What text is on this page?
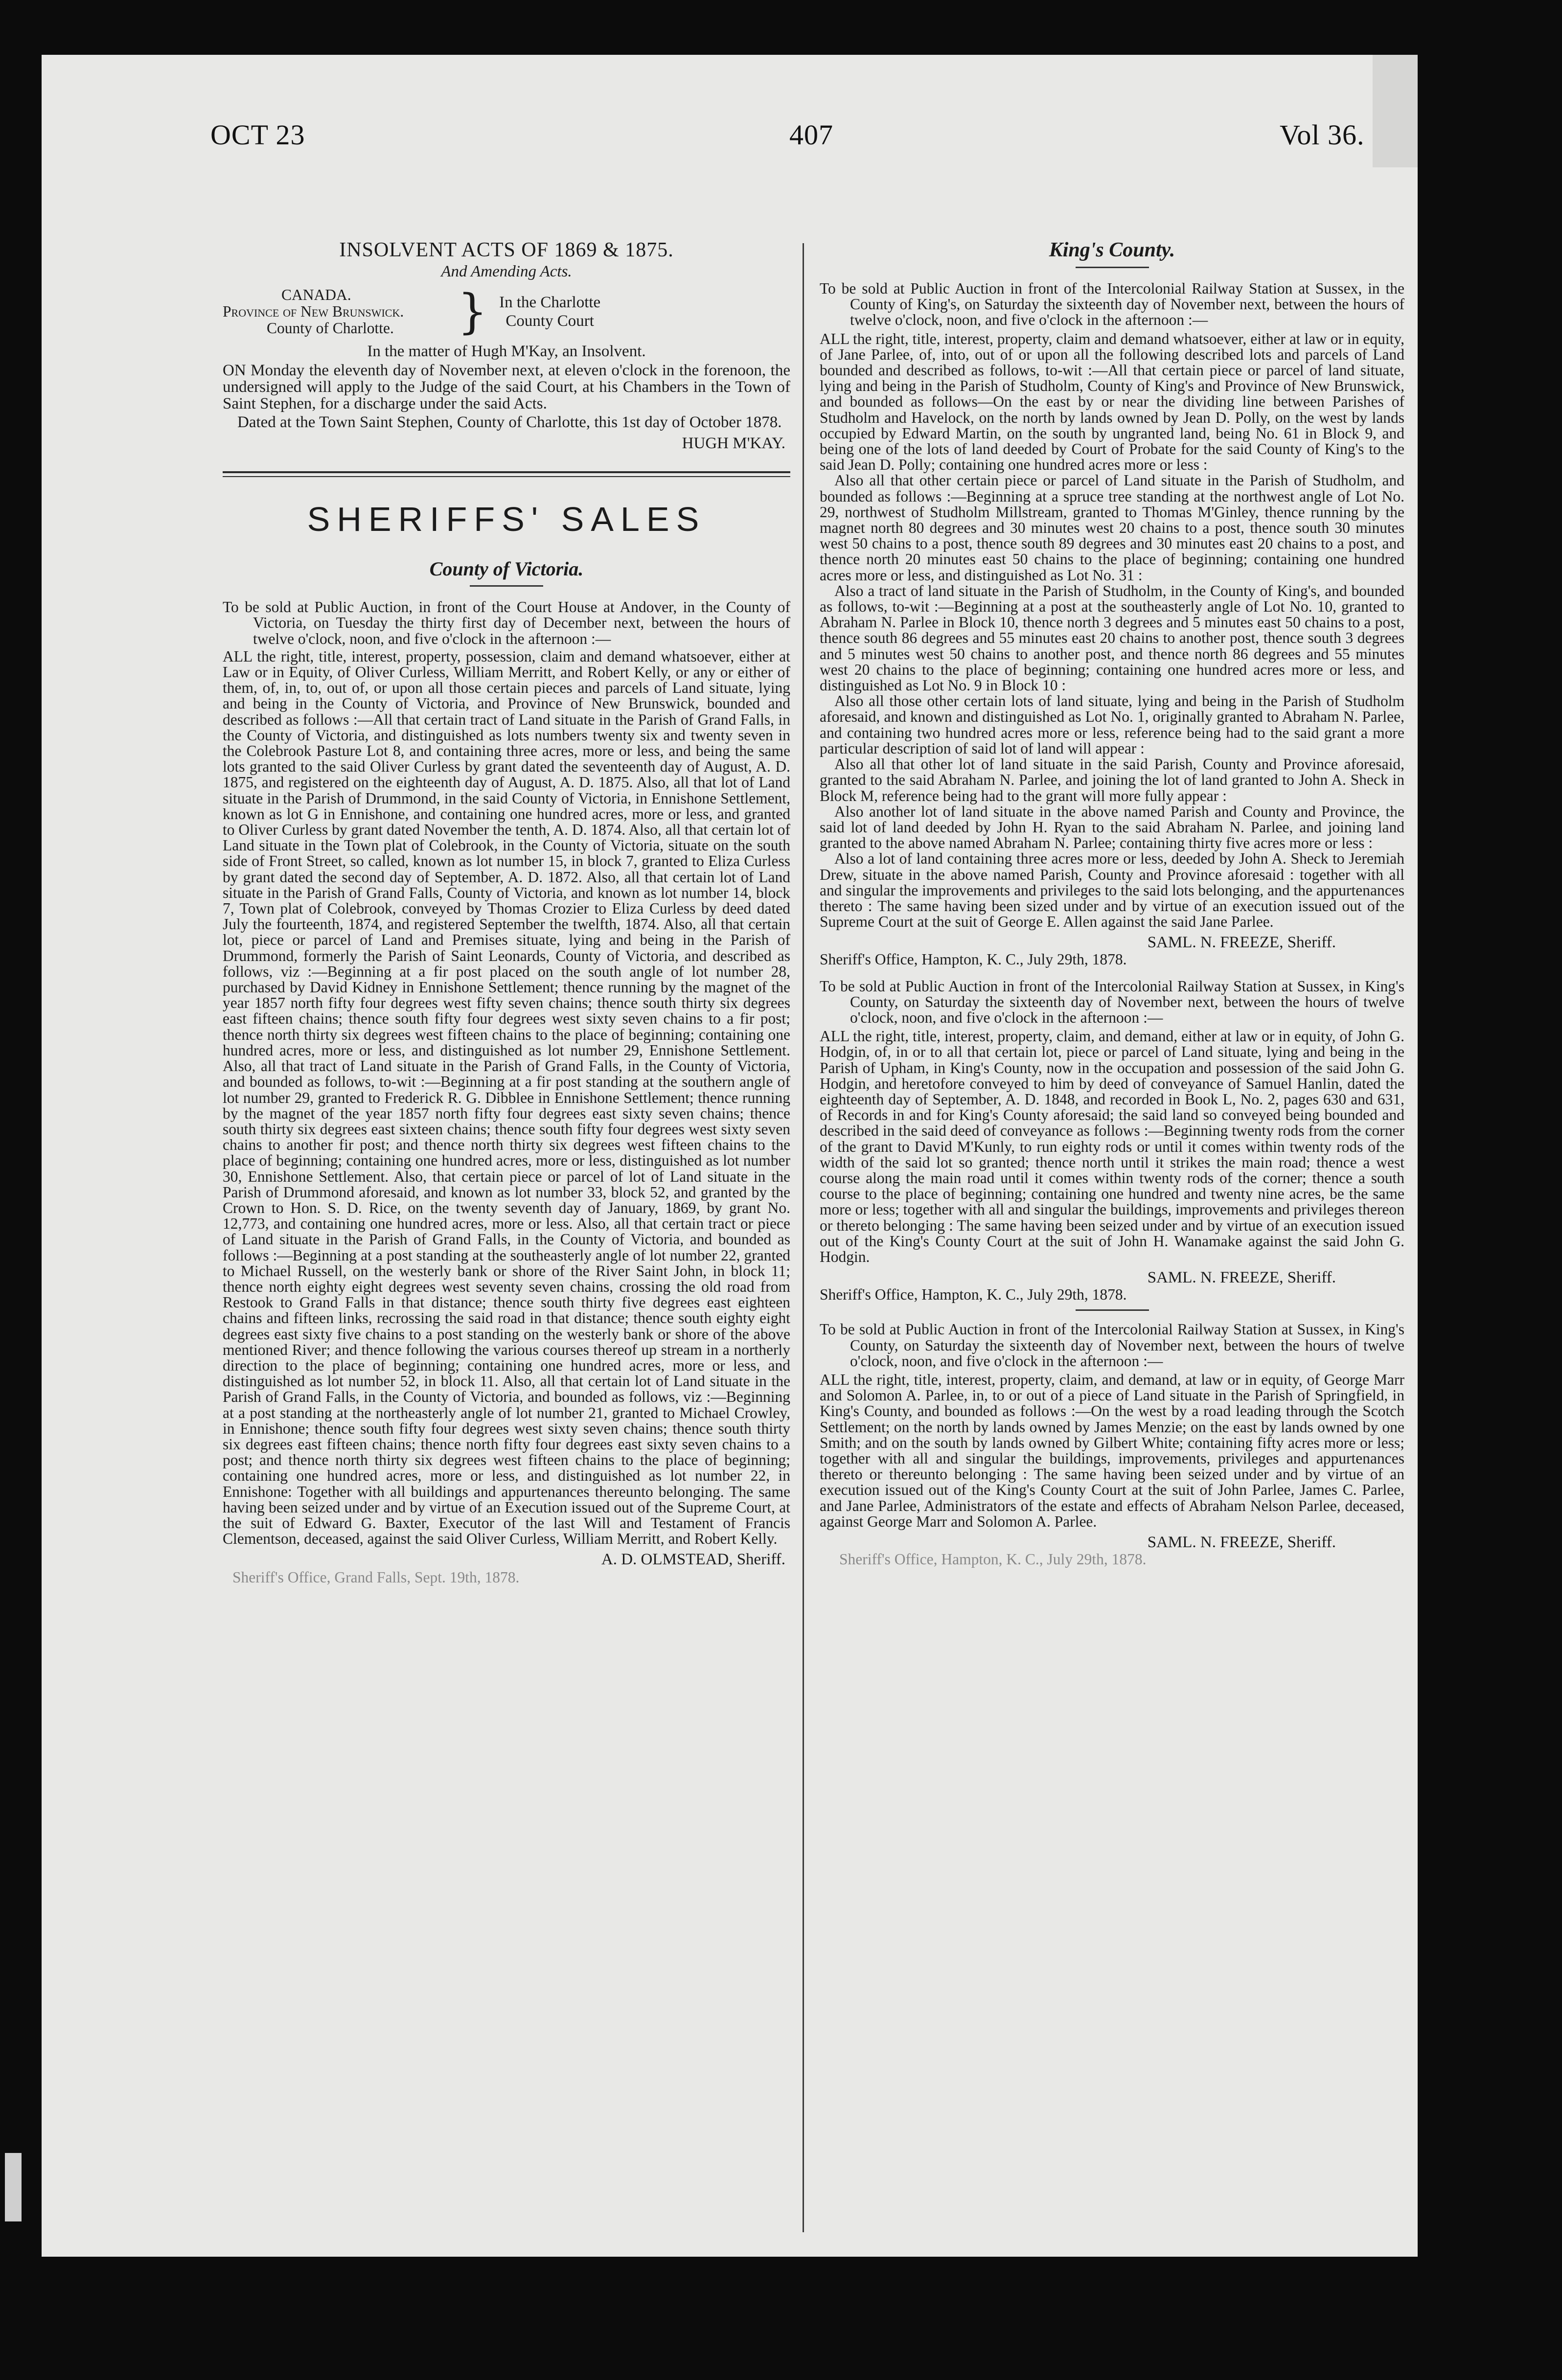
OCT 23	407	Vol 36.

INSOLVENT ACTS OF 1869 & 1875.

And Amending Acts.

CANADA.
Province of New Brunswick.
County of Charlotte.	} In the Charlotte
County Court

In the matter of Hugh M'Kay, an Insolvent.

ON Monday the eleventh day of November next, at eleven o'clock in the forenoon, the undersigned will apply to the Judge of the said Court, at his Chambers in the Town of Saint Stephen, for a discharge under the said Acts.

Dated at the Town Saint Stephen, County of Charlotte, this 1st day of October 1878.

HUGH M'KAY.

SHERIFFS' SALES

County of Victoria.

To be sold at Public Auction, in front of the Court House at Andover, in the County of Victoria, on Tuesday the thirty first day of December next, between the hours of twelve o'clock, noon, and five o'clock in the afternoon :—

ALL the right, title, interest, property, possession, claim and demand whatsoever, either at Law or in Equity, of Oliver Curless, William Merritt, and Robert Kelly, or any or either of them, of, in, to, out of, or upon all those certain pieces and parcels of Land situate, lying and being in the County of Victoria, and Province of New Brunswick, bounded and described as follows :—All that certain tract of Land situate in the Parish of Grand Falls, in the County of Victoria, and distinguished as lots numbers twenty six and twenty seven in the Colebrook Pasture Lot 8, and containing three acres, more or less, and being the same lots granted to the said Oliver Curless by grant dated the seventeenth day of August, A. D. 1875, and registered on the eighteenth day of August, A. D. 1875. Also, all that lot of Land situate in the Parish of Drummond, in the said County of Victoria, in Ennishone Settlement, known as lot G in Ennishone, and containing one hundred acres, more or less, and granted to Oliver Curless by grant dated November the tenth, A. D. 1874. Also, all that certain lot of Land situate in the Town plat of Colebrook, in the County of Victoria, situate on the south side of Front Street, so called, known as lot number 15, in block 7, granted to Eliza Curless by grant dated the second day of September, A. D. 1872. Also, all that certain lot of Land situate in the Parish of Grand Falls, County of Victoria, and known as lot number 14, block 7, Town plat of Colebrook, conveyed by Thomas Crozier to Eliza Curless by deed dated July the fourteenth, 1874, and registered September the twelfth, 1874. Also, all that certain lot, piece or parcel of Land and Premises situate, lying and being in the Parish of Drummond, formerly the Parish of Saint Leonards, County of Victoria, and described as follows, viz :—Beginning at a fir post placed on the south angle of lot number 28, purchased by David Kidney in Ennishone Settlement; thence running by the magnet of the year 1857 north fifty four degrees west fifty seven chains; thence south thirty six degrees east fifteen chains; thence south fifty four degrees west sixty seven chains to a fir post; thence north thirty six degrees west fifteen chains to the place of beginning; containing one hundred acres, more or less, and distinguished as lot number 29, Ennishone Settlement. Also, all that tract of Land situate in the Parish of Grand Falls, in the County of Victoria, and bounded as follows, to-wit :—Beginning at a fir post standing at the southern angle of lot number 29, granted to Frederick R. G. Dibblee in Ennishone Settlement; thence running by the magnet of the year 1857 north fifty four degrees east sixty seven chains; thence south thirty six degrees east sixteen chains; thence south fifty four degrees west sixty seven chains to another fir post; and thence north thirty six degrees west fifteen chains to the place of beginning; containing one hundred acres, more or less, distinguished as lot number 30, Ennishone Settlement. Also, that certain piece or parcel of lot of Land situate in the Parish of Drummond aforesaid, and known as lot number 33, block 52, and granted by the Crown to Hon. S. D. Rice, on the twenty seventh day of January, 1869, by grant No. 12,773, and containing one hundred acres, more or less. Also, all that certain tract or piece of Land situate in the Parish of Grand Falls, in the County of Victoria, and bounded as follows :—Beginning at a post standing at the southeasterly angle of lot number 22, granted to Michael Russell, on the westerly bank or shore of the River Saint John, in block 11; thence north eighty eight degrees west seventy seven chains, crossing the old road from Restook to Grand Falls in that distance; thence south thirty five degrees east eighteen chains and fifteen links, recrossing the said road in that distance; thence south eighty eight degrees east sixty five chains to a post standing on the westerly bank or shore of the above mentioned River; and thence following the various courses thereof up stream in a northerly direction to the place of beginning; containing one hundred acres, more or less, and distinguished as lot number 52, in block 11. Also, all that certain lot of Land situate in the Parish of Grand Falls, in the County of Victoria, and bounded as follows, viz :—Beginning at a post standing at the northeasterly angle of lot number 21, granted to Michael Crowley, in Ennishone; thence south fifty four degrees west sixty seven chains; thence south thirty six degrees east fifteen chains; thence north fifty four degrees east sixty seven chains to a post; and thence north thirty six degrees west fifteen chains to the place of beginning; containing one hundred acres, more or less, and distinguished as lot number 22, in Ennishone: Together with all buildings and appurtenances thereunto belonging. The same having been seized under and by virtue of an Execution issued out of the Supreme Court, at the suit of Edward G. Baxter, Executor of the last Will and Testament of Francis Clementson, deceased, against the said Oliver Curless, William Merritt, and Robert Kelly.

A. D. OLMSTEAD, Sheriff.

Sheriff's Office, Grand Falls, Sept. 19th, 1878.

King's County.

To be sold at Public Auction in front of the Intercolonial Railway Station at Sussex, in the County of King's, on Saturday the sixteenth day of November next, between the hours of twelve o'clock, noon, and five o'clock in the afternoon :—

ALL the right, title, interest, property, claim and demand whatsoever, either at law or in equity, of Jane Parlee, of, into, out of or upon all the following described lots and parcels of Land bounded and described as follows, to-wit :—All that certain piece or parcel of land situate, lying and being in the Parish of Studholm, County of King's and Province of New Brunswick, and bounded as follows—On the east by or near the dividing line between Parishes of Studholm and Havelock, on the north by lands owned by Jean D. Polly, on the west by lands occupied by Edward Martin, on the south by ungranted land, being No. 61 in Block 9, and being one of the lots of land deeded by Court of Probate for the said County of King's to the said Jean D. Polly; containing one hundred acres more or less :

Also all that other certain piece or parcel of Land situate in the Parish of Studholm, and bounded as follows :—Beginning at a spruce tree standing at the northwest angle of Lot No. 29, northwest of Studholm Millstream, granted to Thomas M'Ginley, thence running by the magnet north 80 degrees and 30 minutes west 20 chains to a post, thence south 30 minutes west 50 chains to a post, thence south 89 degrees and 30 minutes east 20 chains to a post, and thence north 20 minutes east 50 chains to the place of beginning; containing one hundred acres more or less, and distinguished as Lot No. 31 :

Also a tract of land situate in the Parish of Studholm, in the County of King's, and bounded as follows, to-wit :—Beginning at a post at the southeasterly angle of Lot No. 10, granted to Abraham N. Parlee in Block 10, thence north 3 degrees and 5 minutes east 50 chains to a post, thence south 86 degrees and 55 minutes east 20 chains to another post, thence south 3 degrees and 5 minutes west 50 chains to another post, and thence north 86 degrees and 55 minutes west 20 chains to the place of beginning; containing one hundred acres more or less, and distinguished as Lot No. 9 in Block 10 :

Also all those other certain lots of land situate, lying and being in the Parish of Studholm aforesaid, and known and distinguished as Lot No. 1, originally granted to Abraham N. Parlee, and containing two hundred acres more or less, reference being had to the said grant a more particular description of said lot of land will appear :

Also all that other lot of land situate in the said Parish, County and Province aforesaid, granted to the said Abraham N. Parlee, and joining the lot of land granted to John A. Sheck in Block M, reference being had to the grant will more fully appear :

Also another lot of land situate in the above named Parish and County and Province, the said lot of land deeded by John H. Ryan to the said Abraham N. Parlee, and joining land granted to the above named Abraham N. Parlee; containing thirty five acres more or less :

Also a lot of land containing three acres more or less, deeded by John A. Sheck to Jeremiah Drew, situate in the above named Parish, County and Province aforesaid : together with all and singular the improvements and privileges to the said lots belonging, and the appurtenances thereto : The same having been sized under and by virtue of an execution issued out of the Supreme Court at the suit of George E. Allen against the said Jane Parlee.

SAML. N. FREEZE, Sheriff.

Sheriff's Office, Hampton, K. C., July 29th, 1878.

To be sold at Public Auction in front of the Intercolonial Railway Station at Sussex, in King's County, on Saturday the sixteenth day of November next, between the hours of twelve o'clock, noon, and five o'clock in the afternoon :—

ALL the right, title, interest, property, claim, and demand, either at law or in equity, of John G. Hodgin, of, in or to all that certain lot, piece or parcel of Land situate, lying and being in the Parish of Upham, in King's County, now in the occupation and possession of the said John G. Hodgin, and heretofore conveyed to him by deed of conveyance of Samuel Hanlin, dated the eighteenth day of September, A. D. 1848, and recorded in Book L, No. 2, pages 630 and 631, of Records in and for King's County aforesaid; the said land so conveyed being bounded and described in the said deed of conveyance as follows :—Beginning twenty rods from the corner of the grant to David M'Kunly, to run eighty rods or until it comes within twenty rods of the width of the said lot so granted; thence north until it strikes the main road; thence a west course along the main road until it comes within twenty rods of the corner; thence a south course to the place of beginning; containing one hundred and twenty nine acres, be the same more or less; together with all and singular the buildings, improvements and privileges thereon or thereto belonging : The same having been seized under and by virtue of an execution issued out of the King's County Court at the suit of John H. Wanamake against the said John G. Hodgin.

SAML. N. FREEZE, Sheriff.

Sheriff's Office, Hampton, K. C., July 29th, 1878.

To be sold at Public Auction in front of the Intercolonial Railway Station at Sussex, in King's County, on Saturday the sixteenth day of November next, between the hours of twelve o'clock, noon, and five o'clock in the afternoon :—

ALL the right, title, interest, property, claim, and demand, at law or in equity, of George Marr and Solomon A. Parlee, in, to or out of a piece of Land situate in the Parish of Springfield, in King's County, and bounded as follows :—On the west by a road leading through the Scotch Settlement; on the north by lands owned by James Menzie; on the east by lands owned by one Smith; and on the south by lands owned by Gilbert White; containing fifty acres more or less; together with all and singular the buildings, improvements, privileges and appurtenances thereto or thereunto belonging : The same having been seized under and by virtue of an execution issued out of the King's County Court at the suit of John Parlee, James C. Parlee, and Jane Parlee, Administrators of the estate and effects of Abraham Nelson Parlee, deceased, against George Marr and Solomon A. Parlee.

SAML. N. FREEZE, Sheriff.

Sheriff's Office, Hampton, K. C., July 29th, 1878.
